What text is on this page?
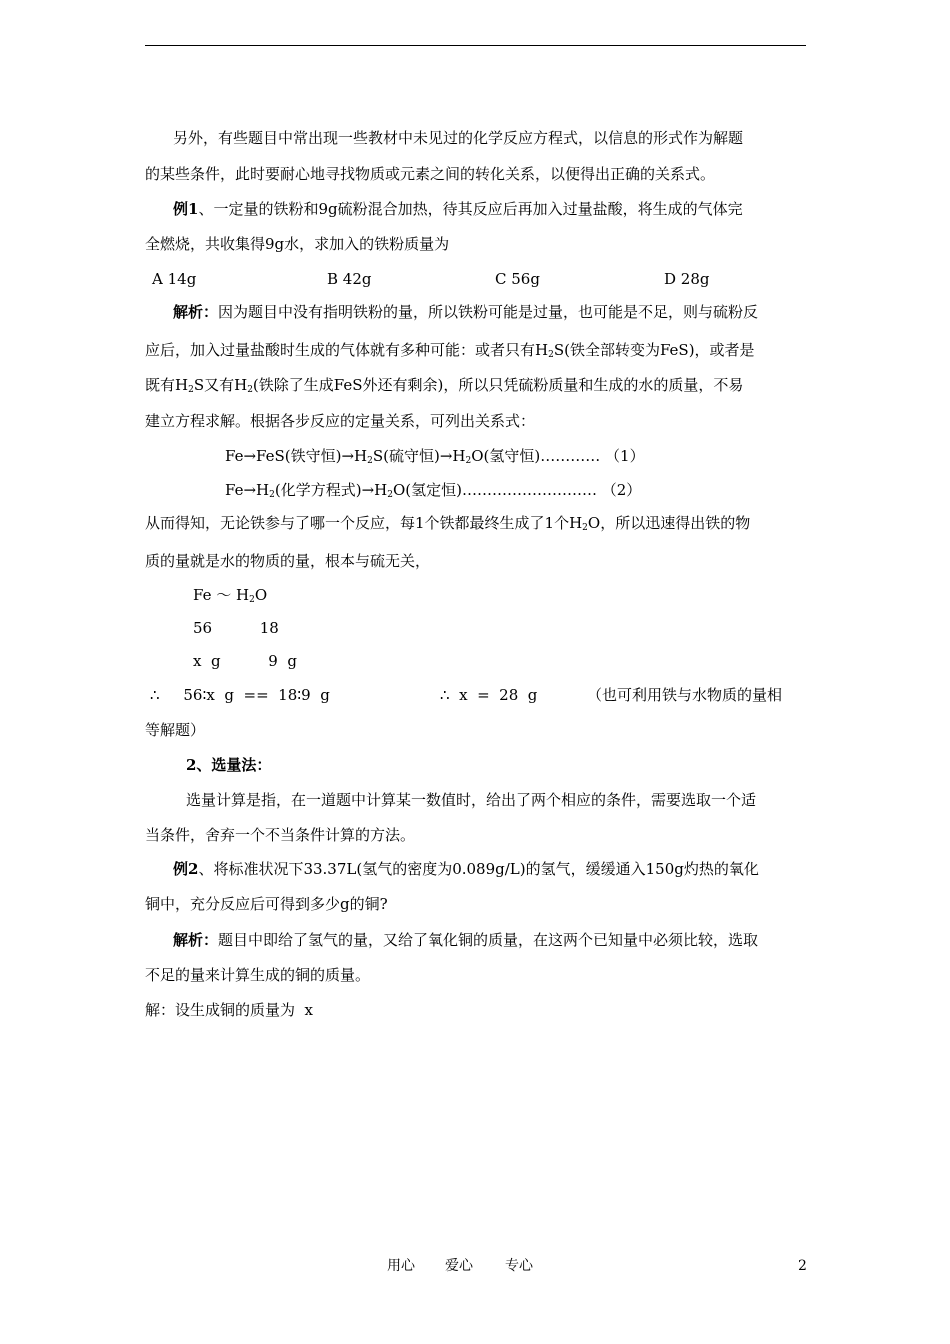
另外，有些题目中常出现一些教材中未见过的化学反应方程式，以信息的形式作为解题
的某些条件，此时要耐心地寻找物质或元素之间的转化关系，以便得出正确的关系式。
例1、一定量的铁粉和9g硫粉混合加热，待其反应后再加入过量盐酸，将生成的气体完
全燃烧，共收集得9g水，求加入的铁粉质量为
A 14g	B 42g	C 56g	D 28g
解析：因为题目中没有指明铁粉的量，所以铁粉可能是过量，也可能是不足，则与硫粉反
应后，加入过量盐酸时生成的气体就有多种可能：或者只有$H_2S$(铁全部转变为FeS)，或者是
既有$H_2S$又有$H_2$(铁除了生成FeS外还有剩余)，所以只凭硫粉质量和生成的水的质量，不易
建立方程求解。根据各步反应的定量关系，可列出关系式：
Fe→FeS(铁守恒)$\to H_2S$(硫守恒)$\to H_2O$(氢守恒)………… （1）
$Fe\to H_2$(化学方程式)$\to H_2O$(氢定恒)……………………… （2）
从而得知，无论铁参与了哪一个反应，每1个铁都最终生成了1个$H_2O$，所以迅速得出铁的物
质的量就是水的物质的量，根本与硫无关，
Fe ～ $H_2O$
56          18
x  g          9  g
∴     56∶x  g  ==  18∶9  g	∴  x  =  28  g	（也可利用铁与水物质的量相
等解题）
2、选量法：
选量计算是指，在一道题中计算某一数值时，给出了两个相应的条件，需要选取一个适
当条件，舍弃一个不当条件计算的方法。
例2、将标准状况下33.37L(氢气的密度为0.089g/L)的氢气，缓缓通入150g灼热的氧化
铜中，充分反应后可得到多少g的铜?
解析：题目中即给了氢气的量，又给了氧化铜的质量，在这两个已知量中必须比较，选取
不足的量来计算生成的铜的质量。
解：设生成铜的质量为  x
用心 爱心 专心	2
